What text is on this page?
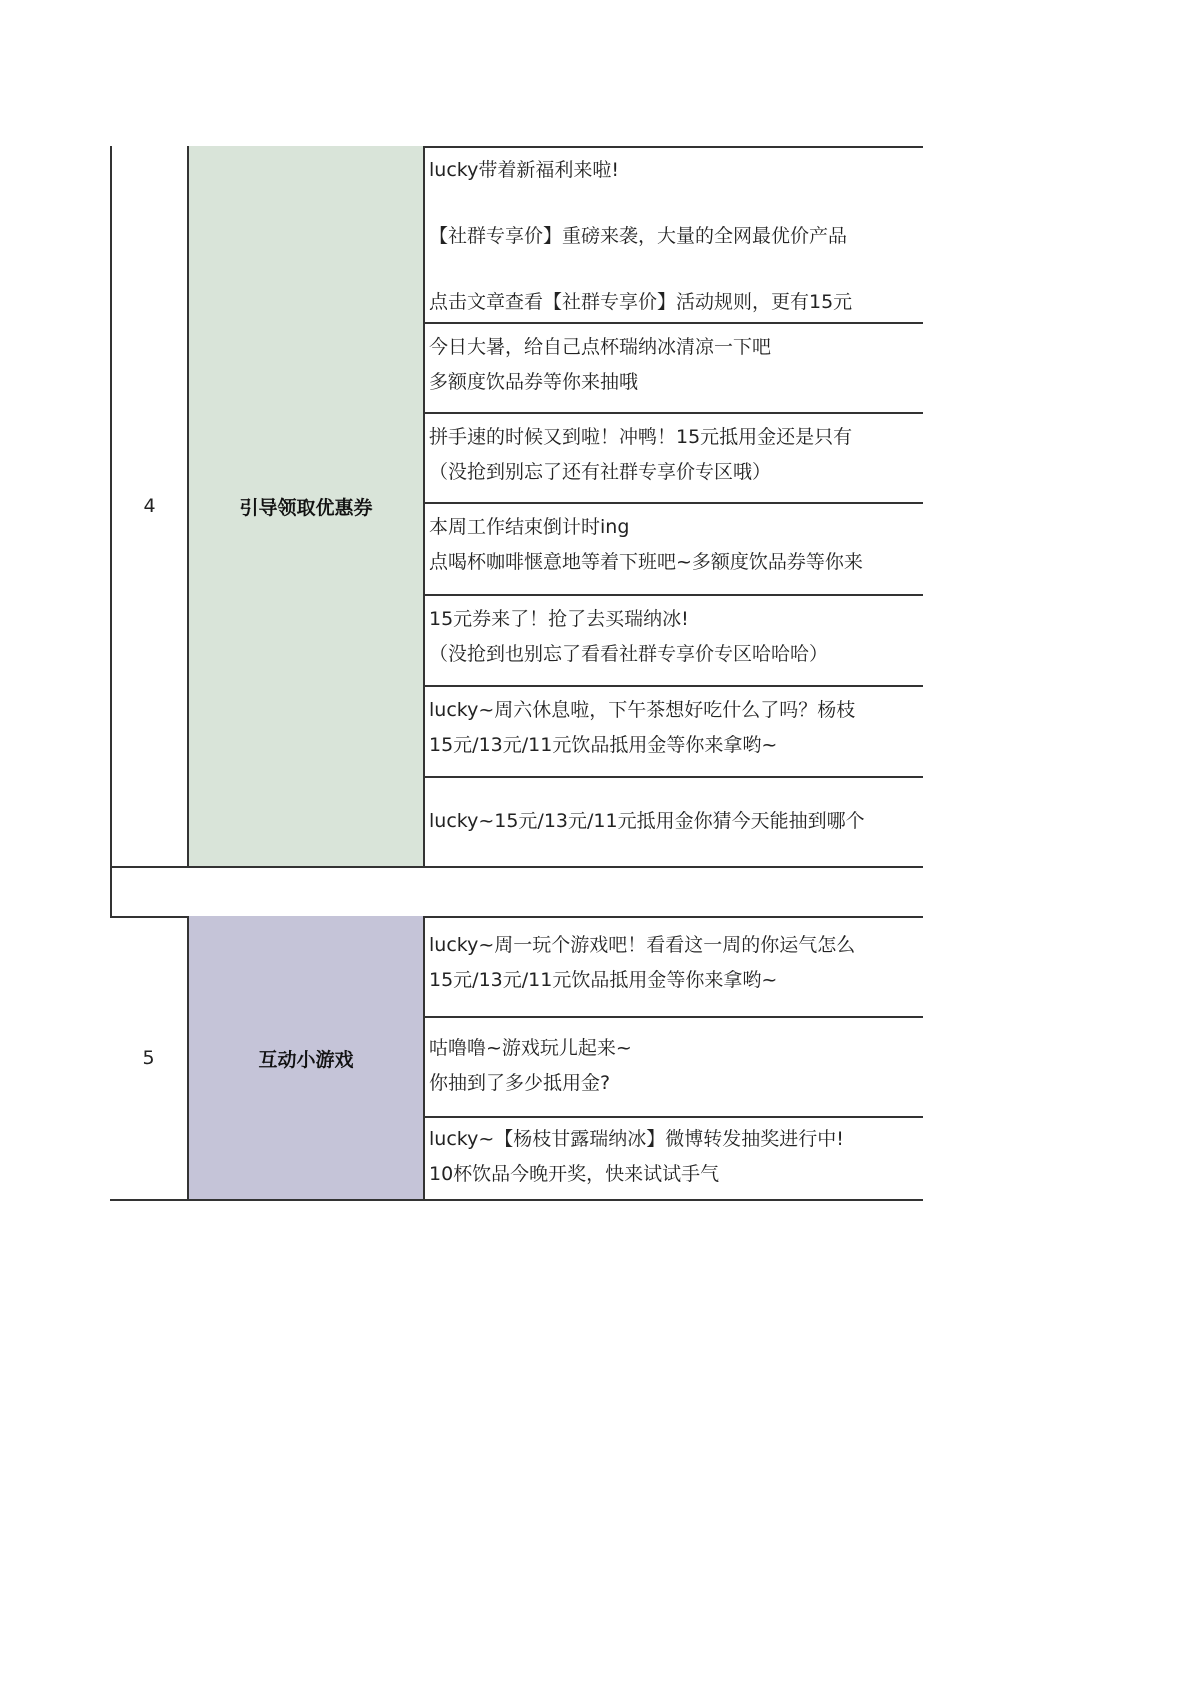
4	引导领取优惠券
lucky带着新福利来啦!

【社群专享价】重磅来袭，大量的全网最优价产品

点击文章查看【社群专享价】活动规则，更有15元
今日大暑，给自己点杯瑞纳冰清凉一下吧
多额度饮品券等你来抽哦
拼手速的时候又到啦！冲鸭！15元抵用金还是只有
（没抢到别忘了还有社群专享价专区哦）
本周工作结束倒计时ing
点喝杯咖啡惬意地等着下班吧~多额度饮品券等你来
15元券来了！抢了去买瑞纳冰!
（没抢到也别忘了看看社群专享价专区哈哈哈）
lucky~周六休息啦，下午茶想好吃什么了吗？杨枝
15元/13元/11元饮品抵用金等你来拿哟~
lucky~15元/13元/11元抵用金你猜今天能抽到哪个
5	互动小游戏
lucky~周一玩个游戏吧！看看这一周的你运气怎么
15元/13元/11元饮品抵用金等你来拿哟~
咕噜噜~游戏玩儿起来~
你抽到了多少抵用金?
lucky~【杨枝甘露瑞纳冰】微博转发抽奖进行中!
10杯饮品今晚开奖，快来试试手气
